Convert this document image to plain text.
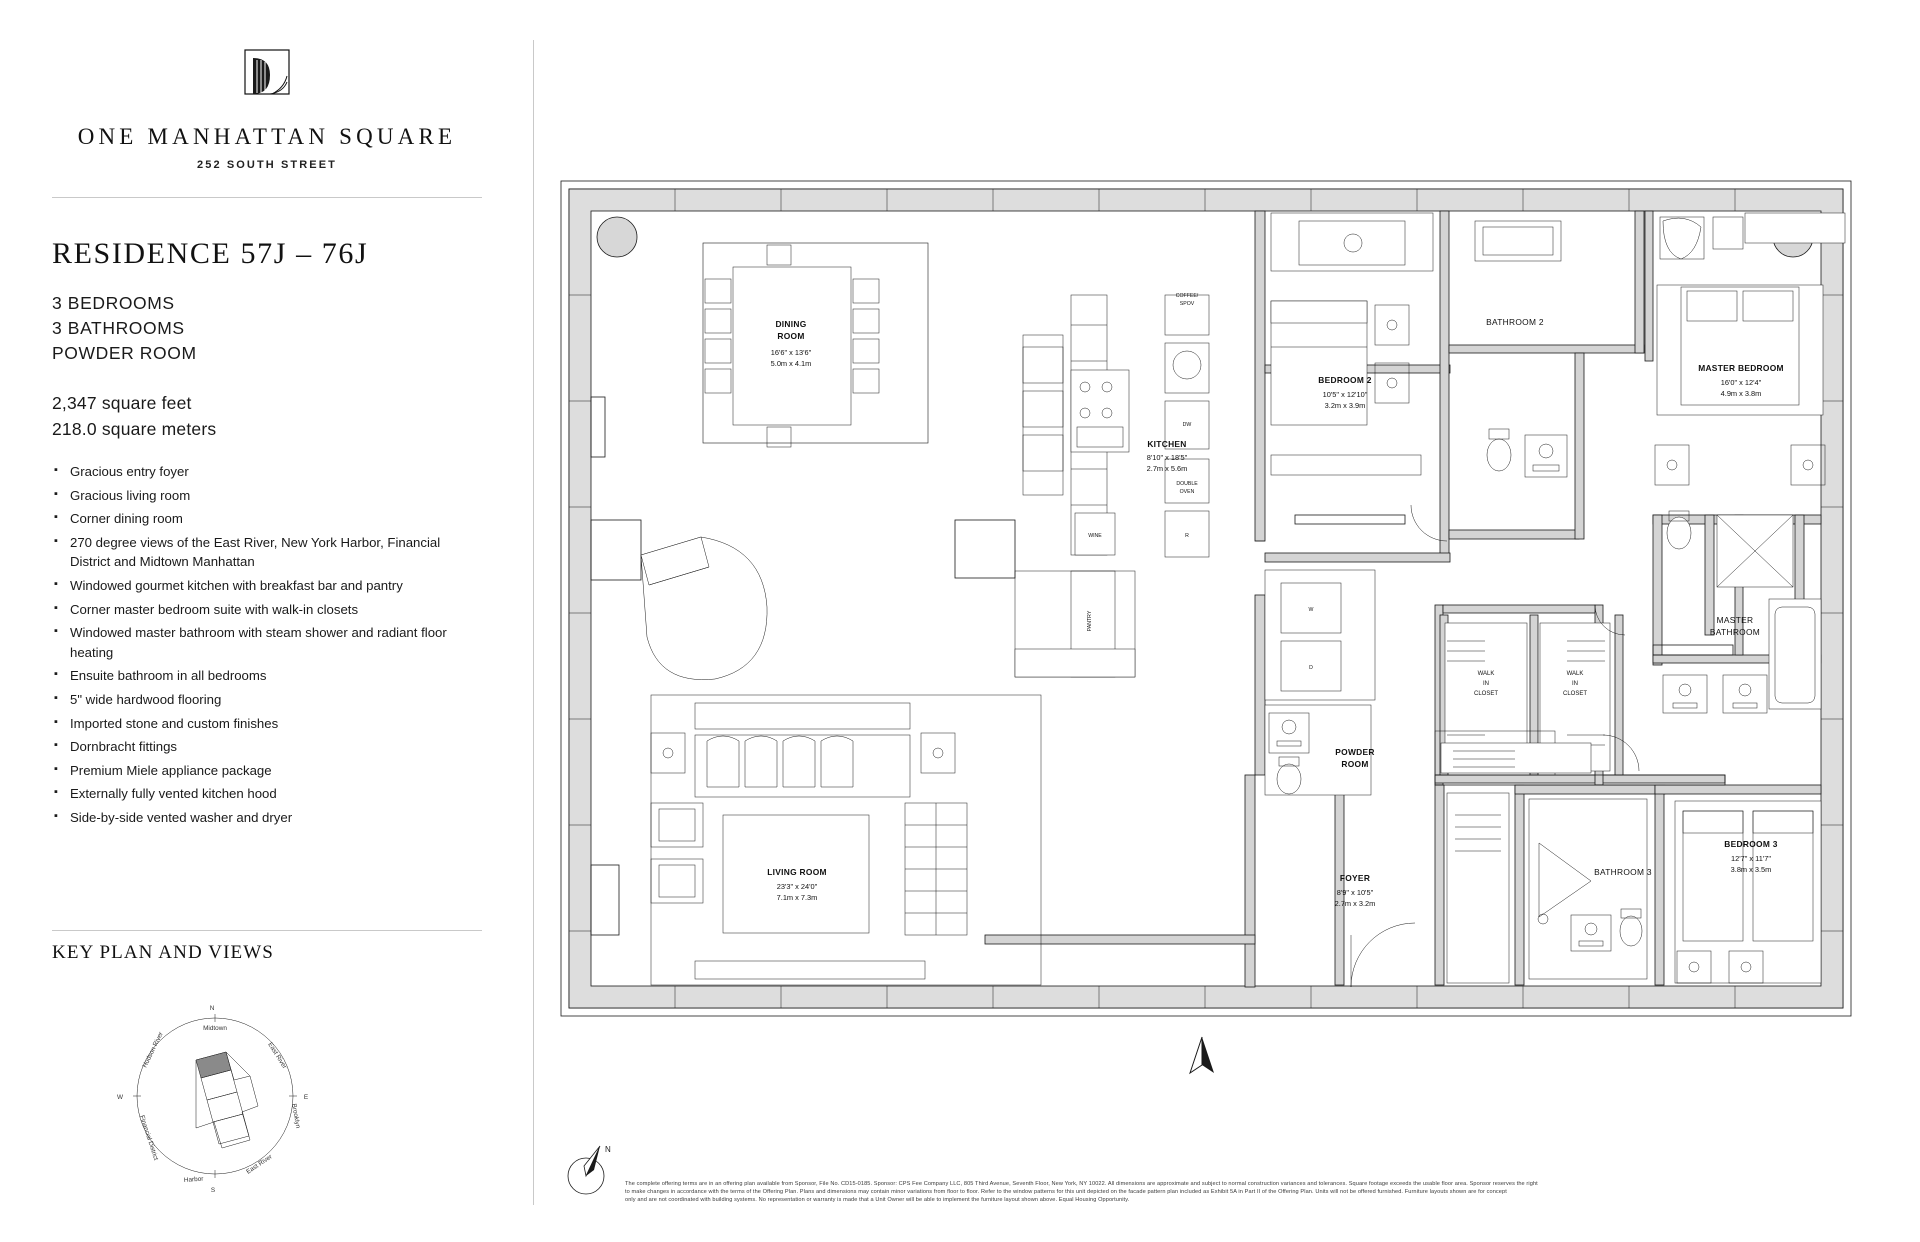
ONE MANHATTAN SQUARE
252 SOUTH STREET
RESIDENCE 57J – 76J
3 BEDROOMS
3 BATHROOMS
POWDER ROOM
2,347 square feet
218.0 square meters
▪ Gracious entry foyer
▪ Gracious living room
▪ Corner dining room
▪ 270 degree views of the East River, New York Harbor, Financial District and Midtown Manhattan
▪ Windowed gourmet kitchen with breakfast bar and pantry
▪ Corner master bedroom suite with walk-in closets
▪ Windowed master bathroom with steam shower and radiant floor heating
▪ Ensuite bathroom in all bedrooms
▪ 5" wide hardwood flooring
▪ Imported stone and custom finishes
▪ Dornbracht fittings
▪ Premium Miele appliance package
▪ Externally fully vented kitchen hood
▪ Side-by-side vented washer and dryer
KEY PLAN AND VIEWS
N
E
S
W
Midtown
Hudson River	East River
Brooklyn
Financial District
Harbor
East River
DINING
ROOM
16'6" x 13'6"
5.0m x 4.1m
LIVING ROOM
23'3" x 24'0"
7.1m x 7.3m
KITCHEN
8'10" x 18'5"
2.7m x 5.6m
COFFEE/
SPOV
DW
DOUBLE
OVEN
R
WINE
PANTRY
W
D
BEDROOM 2
10'5" x 12'10"
3.2m x 3.9m
BATHROOM 2
MASTER BEDROOM
16'0" x 12'4"
4.9m x 3.8m
MASTER
BATHROOM
WALK
IN
CLOSET
WALK
IN
CLOSET
POWDER
ROOM
FOYER
8'9" x 10'5"
2.7m x 3.2m
BATHROOM 3
BEDROOM 3
12'7" x 11'7"
3.8m x 3.5m
N
The complete offering terms are in an offering plan available from Sponsor, File No. CD15-0185. Sponsor: CPS Fee Company LLC, 805 Third Avenue, Seventh Floor, New York, NY 10022. All dimensions are approximate and subject to normal construction variances and tolerances. Square footage exceeds the usable floor area. Sponsor reserves the right
to make changes in accordance with the terms of the Offering Plan. Plans and dimensions may contain minor variations from floor to floor. Refer to the window patterns for this unit depicted on the facade pattern plan included as Exhibit 5A in Part II of the Offering Plan. Units will not be offered furnished. Furniture layouts shown are for concept
only and are not coordinated with building systems. No representation or warranty is made that a Unit Owner will be able to implement the furniture layout shown above. Equal Housing Opportunity.
